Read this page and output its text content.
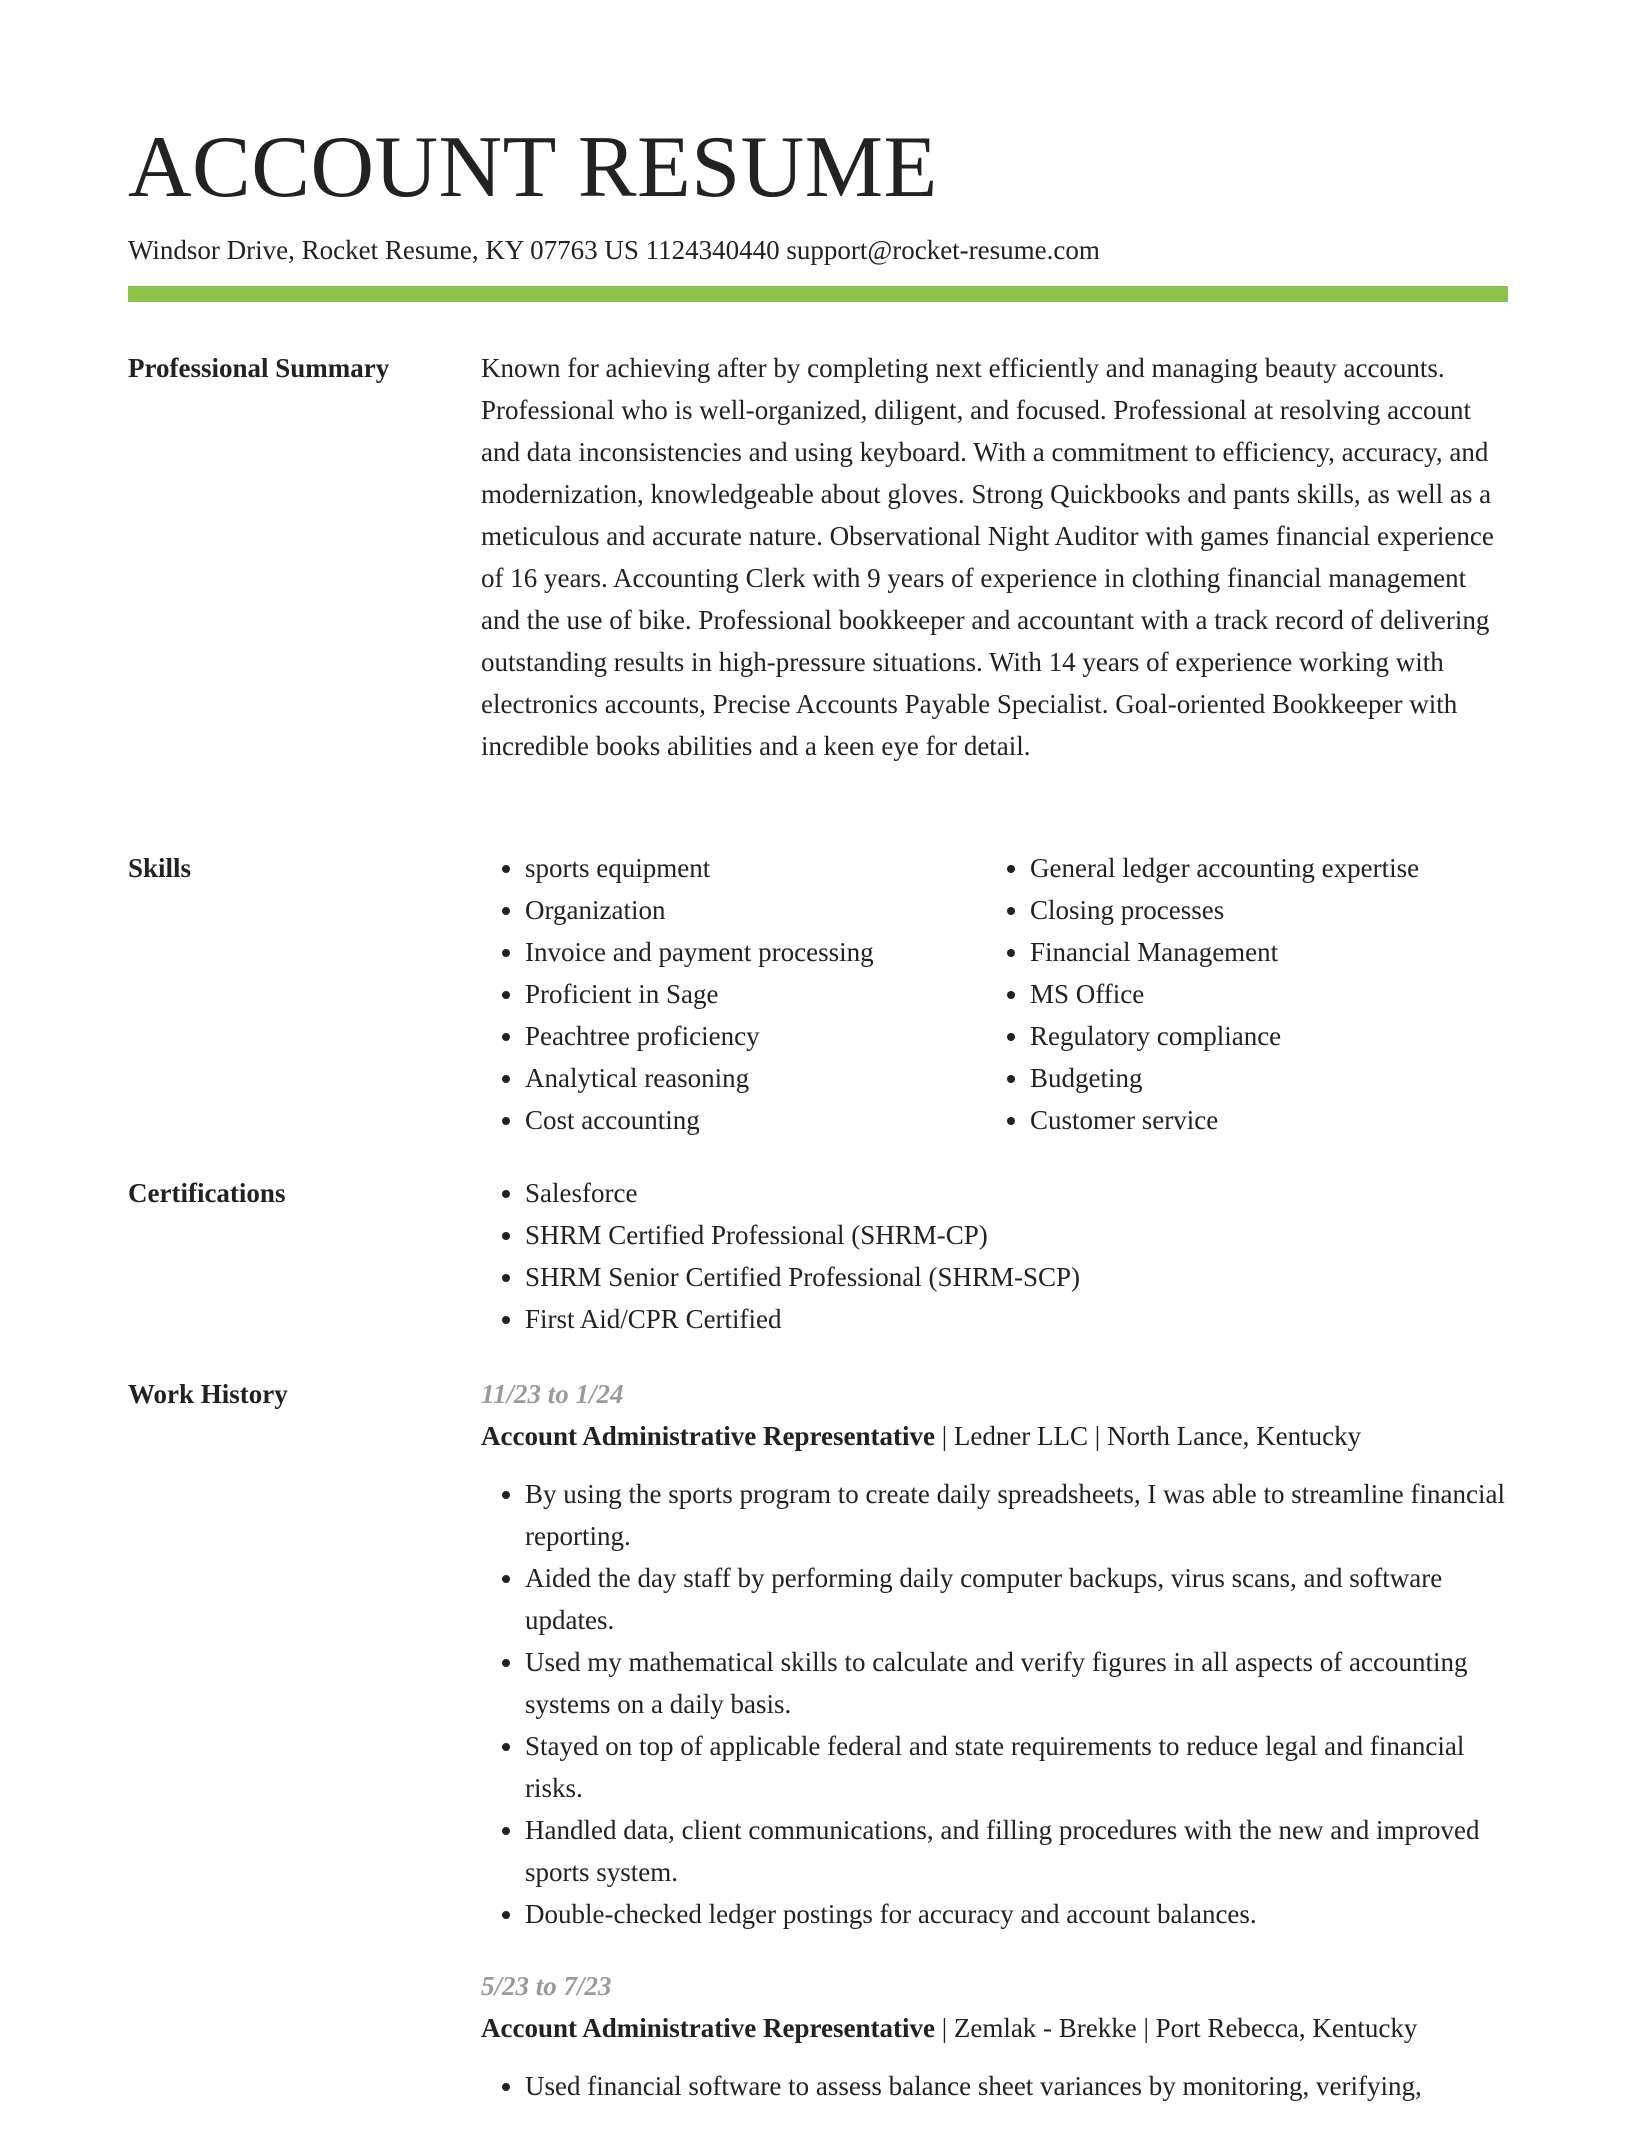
ACCOUNT RESUME
Windsor Drive, Rocket Resume, KY 07763 US 1124340440 support@rocket-resume.com
Professional Summary	Known for achieving after by completing next efficiently and managing beauty accounts. Professional who is well-organized, diligent, and focused. Professional at resolving account and data inconsistencies and using keyboard. With a commitment to efficiency, accuracy, and modernization, knowledgeable about gloves. Strong Quickbooks and pants skills, as well as a meticulous and accurate nature. Observational Night Auditor with games financial experience of 16 years. Accounting Clerk with 9 years of experience in clothing financial management and the use of bike. Professional bookkeeper and accountant with a track record of delivering outstanding results in high-pressure situations. With 14 years of experience working with electronics accounts, Precise Accounts Payable Specialist. Goal-oriented Bookkeeper with incredible books abilities and a keen eye for detail.

Skills	• sports equipment
• Organization
• Invoice and payment processing
• Proficient in Sage
• Peachtree proficiency
• Analytical reasoning
• Cost accounting
• General ledger accounting expertise
• Closing processes
• Financial Management
• MS Office
• Regulatory compliance
• Budgeting
• Customer service
Certifications	• Salesforce
• SHRM Certified Professional (SHRM-CP)
• SHRM Senior Certified Professional (SHRM-SCP)
• First Aid/CPR Certified
Work History	11/23 to 1/24
Account Administrative Representative | Ledner LLC | North Lance, Kentucky
• By using the sports program to create daily spreadsheets, I was able to streamline financial reporting.
• Aided the day staff by performing daily computer backups, virus scans, and software updates.
• Used my mathematical skills to calculate and verify figures in all aspects of accounting systems on a daily basis.
• Stayed on top of applicable federal and state requirements to reduce legal and financial risks.
• Handled data, client communications, and filling procedures with the new and improved sports system.
• Double-checked ledger postings for accuracy and account balances.
5/23 to 7/23
Account Administrative Representative | Zemlak - Brekke | Port Rebecca, Kentucky
• Used financial software to assess balance sheet variances by monitoring, verifying,
